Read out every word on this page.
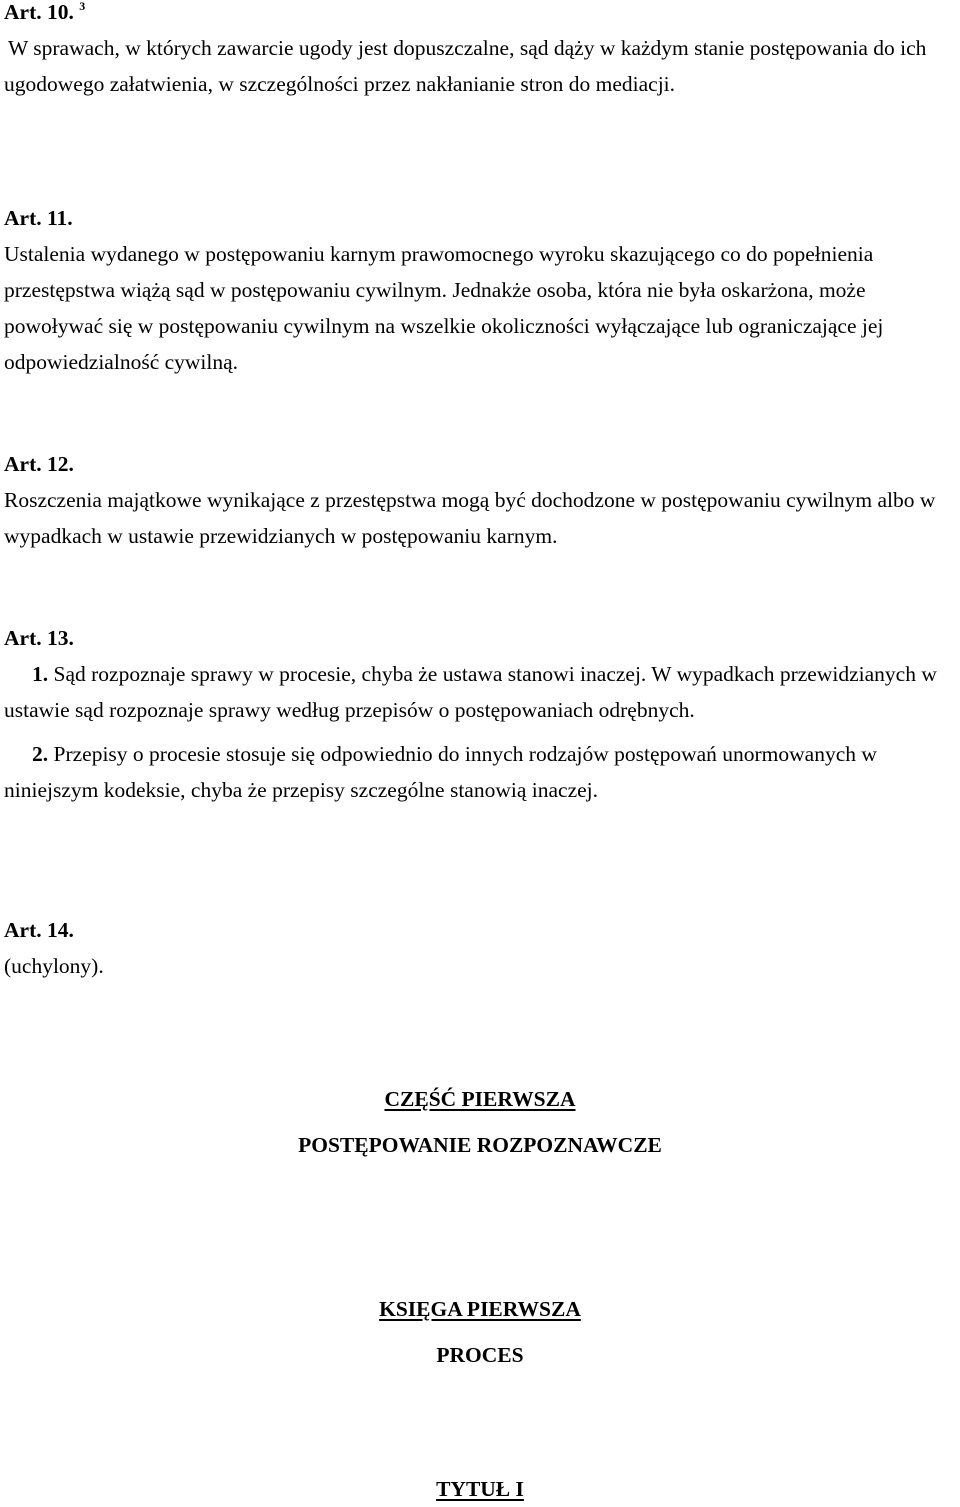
Art. 10. $^3$
W sprawach, w których zawarcie ugody jest dopuszczalne, sąd dąży w każdym stanie postępowania do ich ugodowego załatwienia, w szczególności przez nakłanianie stron do mediacji.
Art. 11.
Ustalenia wydanego w postępowaniu karnym prawomocnego wyroku skazującego co do popełnienia przestępstwa wiążą sąd w postępowaniu cywilnym. Jednakże osoba, która nie była oskarżona, może powoływać się w postępowaniu cywilnym na wszelkie okoliczności wyłączające lub ograniczające jej odpowiedzialność cywilną.
Art. 12.
Roszczenia majątkowe wynikające z przestępstwa mogą być dochodzone w postępowaniu cywilnym albo w wypadkach w ustawie przewidzianych w postępowaniu karnym.
Art. 13.
1. Sąd rozpoznaje sprawy w procesie, chyba że ustawa stanowi inaczej. W wypadkach przewidzianych w ustawie sąd rozpoznaje sprawy według przepisów o postępowaniach odrębnych.
2. Przepisy o procesie stosuje się odpowiednio do innych rodzajów postępowań unormowanych w niniejszym kodeksie, chyba że przepisy szczególne stanowią inaczej.
Art. 14.
(uchylony).
CZĘŚĆ PIERWSZA
POSTĘPOWANIE ROZPOZNAWCZE
KSIĘGA PIERWSZA
PROCES
TYTUŁ I
